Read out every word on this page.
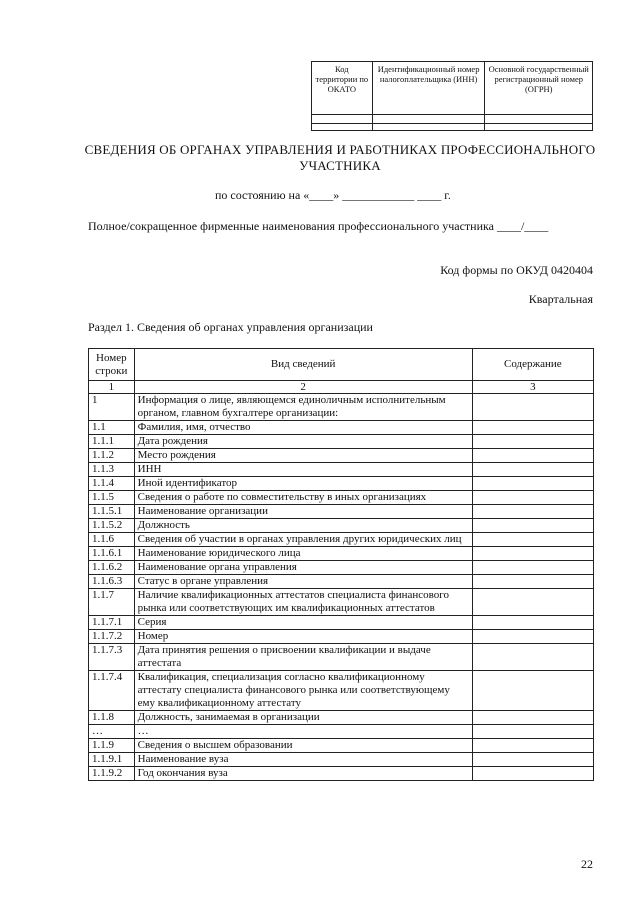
Код территории по ОКАТО	Идентификационный номер налогоплательщика (ИНН)	Основной государственный регистрационный номер (ОГРН)

СВЕДЕНИЯ ОБ ОРГАНАХ УПРАВЛЕНИЯ И РАБОТНИКАХ ПРОФЕССИОНАЛЬНОГО УЧАСТНИКА
по состоянию на «____» ____________ ____ г.
Полное/сокращенное фирменные наименования профессионального участника ____/____
Код формы по ОКУД 0420404
Квартальная
Раздел 1. Сведения об органах управления организации
Номер строки	Вид сведений	Содержание
1	2	3
1	Информация о лице, являющемся единоличным исполнительным органом, главном бухгалтере организации:	
1.1	Фамилия, имя, отчество	
1.1.1	Дата рождения	
1.1.2	Место рождения	
1.1.3	ИНН	
1.1.4	Иной идентификатор	
1.1.5	Сведения о работе по совместительству в иных организациях	
1.1.5.1	Наименование организации	
1.1.5.2	Должность	
1.1.6	Сведения об участии в органах управления других юридических лиц	
1.1.6.1	Наименование юридического лица	
1.1.6.2	Наименование органа управления	
1.1.6.3	Статус в органе управления	
1.1.7	Наличие квалификационных аттестатов специалиста финансового рынка или соответствующих им квалификационных аттестатов	
1.1.7.1	Серия	
1.1.7.2	Номер	
1.1.7.3	Дата принятия решения о присвоении квалификации и выдаче аттестата	
1.1.7.4	Квалификация, специализация согласно квалификационному аттестату специалиста финансового рынка или соответствующему ему квалификационному аттестату	
1.1.8	Должность, занимаемая в организации	
…	…	
1.1.9	Сведения о высшем образовании	
1.1.9.1	Наименование вуза	
1.1.9.2	Год окончания вуза	
22
